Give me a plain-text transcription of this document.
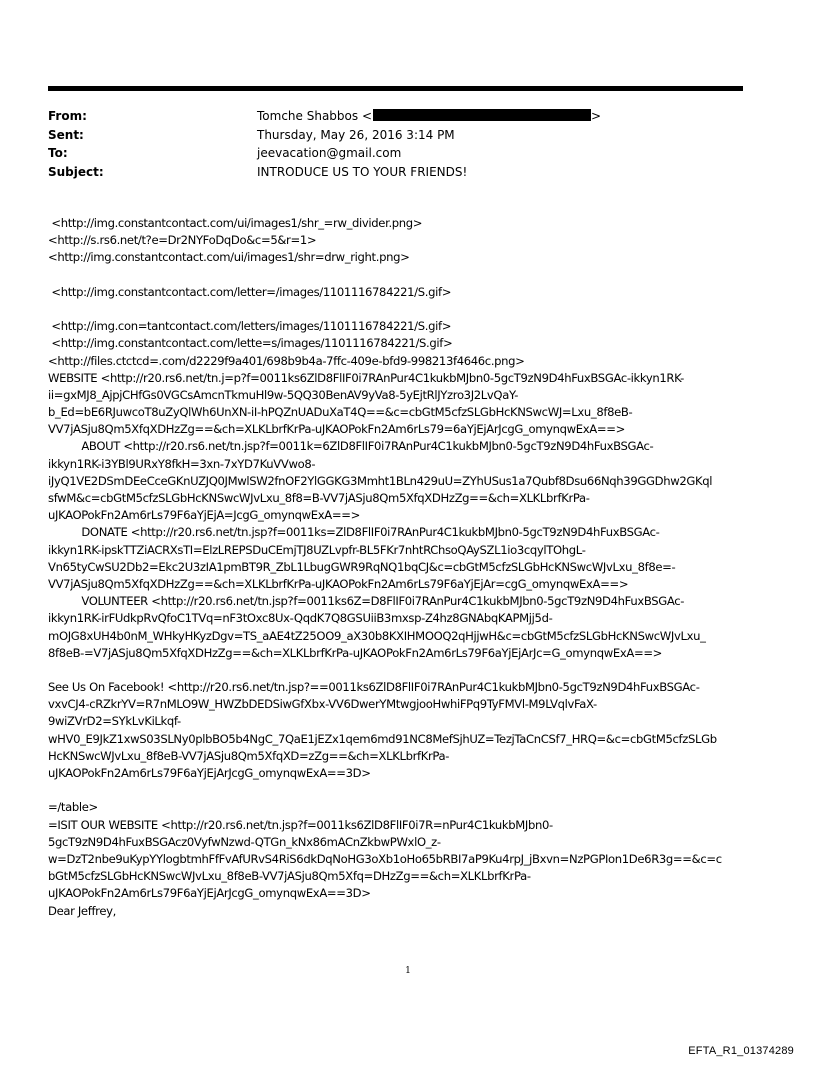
From:	Tomche Shabbos <	>
Sent:	Thursday, May 26, 2016 3:14 PM
To:	jeevacation@gmail.com
Subject:	INTRODUCE US TO YOUR FRIENDS!
<http://img.constantcontact.com/ui/images1/shr_=rw_divider.png>
<http://s.rs6.net/t?e=Dr2NYFoDqDo&c=5&r=1>
<http://img.constantcontact.com/ui/images1/shr=drw_right.png>
<http://img.constantcontact.com/letter=/images/1101116784221/S.gif>
<http://img.con=tantcontact.com/letters/images/1101116784221/S.gif>
<http://img.constantcontact.com/lette=s/images/1101116784221/S.gif>
<http://files.ctctcd=.com/d2229f9a401/698b9b4a-7ffc-409e-bfd9-998213f4646c.png>
WEBSITE <http://r20.rs6.net/tn.j=p?f=0011ks6ZlD8FlIF0i7RAnPur4C1kukbMJbn0-5gcT9zN9D4hFuxBSGAc-ikkyn1RK-
ii=gxMJ8_AjpjCHfGs0VGCsAmcnTkmuHl9w-5QQ30BenAV9yVa8-5yEjtRlJYzro3J2LvQaY-
b_Ed=bE6RJuwcoT8uZyQlWh6UnXN-iI-hPQZnUADuXaT4Q==&c=cbGtM5cfzSLGbHcKNSwcWJ=Lxu_8f8eB-
VV7jASju8Qm5XfqXDHzZg==&ch=XLKLbrfKrPa-uJKAOPokFn2Am6rLs79=6aYjEjArJcgG_omynqwExA==>
ABOUT <http://r20.rs6.net/tn.jsp?f=0011k=6ZlD8FlIF0i7RAnPur4C1kukbMJbn0-5gcT9zN9D4hFuxBSGAc-
ikkyn1RK-i3YBl9URxY8fkH=3xn-7xYD7KuVVwo8-
iJyQ1VE2DSmDEeCceGKnUZJQ0JMwlSW2fnOF2YlGGKG3Mmht1BLn429uU=ZYhUSus1a7Qubf8Dsu66Nqh39GGDhw2GKql
sfwM&c=cbGtM5cfzSLGbHcKNSwcWJvLxu_8f8=B-VV7jASju8Qm5XfqXDHzZg==&ch=XLKLbrfKrPa-
uJKAOPokFn2Am6rLs79F6aYjEjA=JcgG_omynqwExA==>
DONATE <http://r20.rs6.net/tn.jsp?f=0011ks=ZlD8FlIF0i7RAnPur4C1kukbMJbn0-5gcT9zN9D4hFuxBSGAc-
ikkyn1RK-ipskTTZiACRXsTI=ElzLREPSDuCEmjTJ8UZLvpfr-BL5FKr7nhtRChsoQAySZL1io3cqylTOhgL-
Vn65tyCwSU2Db2=Ekc2U3zIA1pmBT9R_ZbL1LbugGWR9RqNQ1bqCJ&c=cbGtM5cfzSLGbHcKNSwcWJvLxu_8f8e=-
VV7jASju8Qm5XfqXDHzZg==&ch=XLKLbrfKrPa-uJKAOPokFn2Am6rLs79F6aYjEjAr=cgG_omynqwExA==>
VOLUNTEER <http://r20.rs6.net/tn.jsp?f=0011ks6Z=D8FlIF0i7RAnPur4C1kukbMJbn0-5gcT9zN9D4hFuxBSGAc-
ikkyn1RK-irFUdkpRvQfoC1TVq=nF3tOxc8Ux-QqdK7Q8GSUiiB3mxsp-Z4hz8GNAbqKAPMjj5d-
mOJG8xUH4b0nM_WHkyHKyzDgv=TS_aAE4tZ25OO9_aX30b8KXIHMOOQ2qHjjwH&c=cbGtM5cfzSLGbHcKNSwcWJvLxu_
8f8eB-=V7jASju8Qm5XfqXDHzZg==&ch=XLKLbrfKrPa-uJKAOPokFn2Am6rLs79F6aYjEjArJc=G_omynqwExA==>
See Us On Facebook! <http://r20.rs6.net/tn.jsp?==0011ks6ZlD8FlIF0i7RAnPur4C1kukbMJbn0-5gcT9zN9D4hFuxBSGAc-
vxvCJ4-cRZkrYV=R7nMLO9W_HWZbDEDSiwGfXbx-VV6DwerYMtwgjooHwhiFPq9TyFMVl-M9LVqlvFaX-
9wiZVrD2=SYkLvKiLkqf-
wHV0_E9JkZ1xwS03SLNy0plbBO5b4NgC_7QaE1jEZx1qem6md91NC8MefSjhUZ=TezjTaCnCSf7_HRQ=&c=cbGtM5cfzSLGb
HcKNSwcWJvLxu_8f8eB-VV7jASju8Qm5XfqXD=zZg==&ch=XLKLbrfKrPa-
uJKAOPokFn2Am6rLs79F6aYjEjArJcgG_omynqwExA==3D>
=/table>
=ISIT OUR WEBSITE <http://r20.rs6.net/tn.jsp?f=0011ks6ZlD8FlIF0i7R=nPur4C1kukbMJbn0-
5gcT9zN9D4hFuxBSGAcz0VyfwNzwd-QTGn_kNx86mACnZkbwPWxlO_z-
w=DzT2nbe9uKypYYlogbtmhFfFvAfURvS4RiS6dkDqNoHG3oXb1oHo65bRBI7aP9Ku4rpJ_jBxvn=NzPGPIon1De6R3g==&c=c
bGtM5cfzSLGbHcKNSwcWJvLxu_8f8eB-VV7jASju8Qm5Xfq=DHzZg==&ch=XLKLbrfKrPa-
uJKAOPokFn2Am6rLs79F6aYjEjArJcgG_omynqwExA==3D>
Dear Jeffrey,
1
EFTA_R1_01374289
